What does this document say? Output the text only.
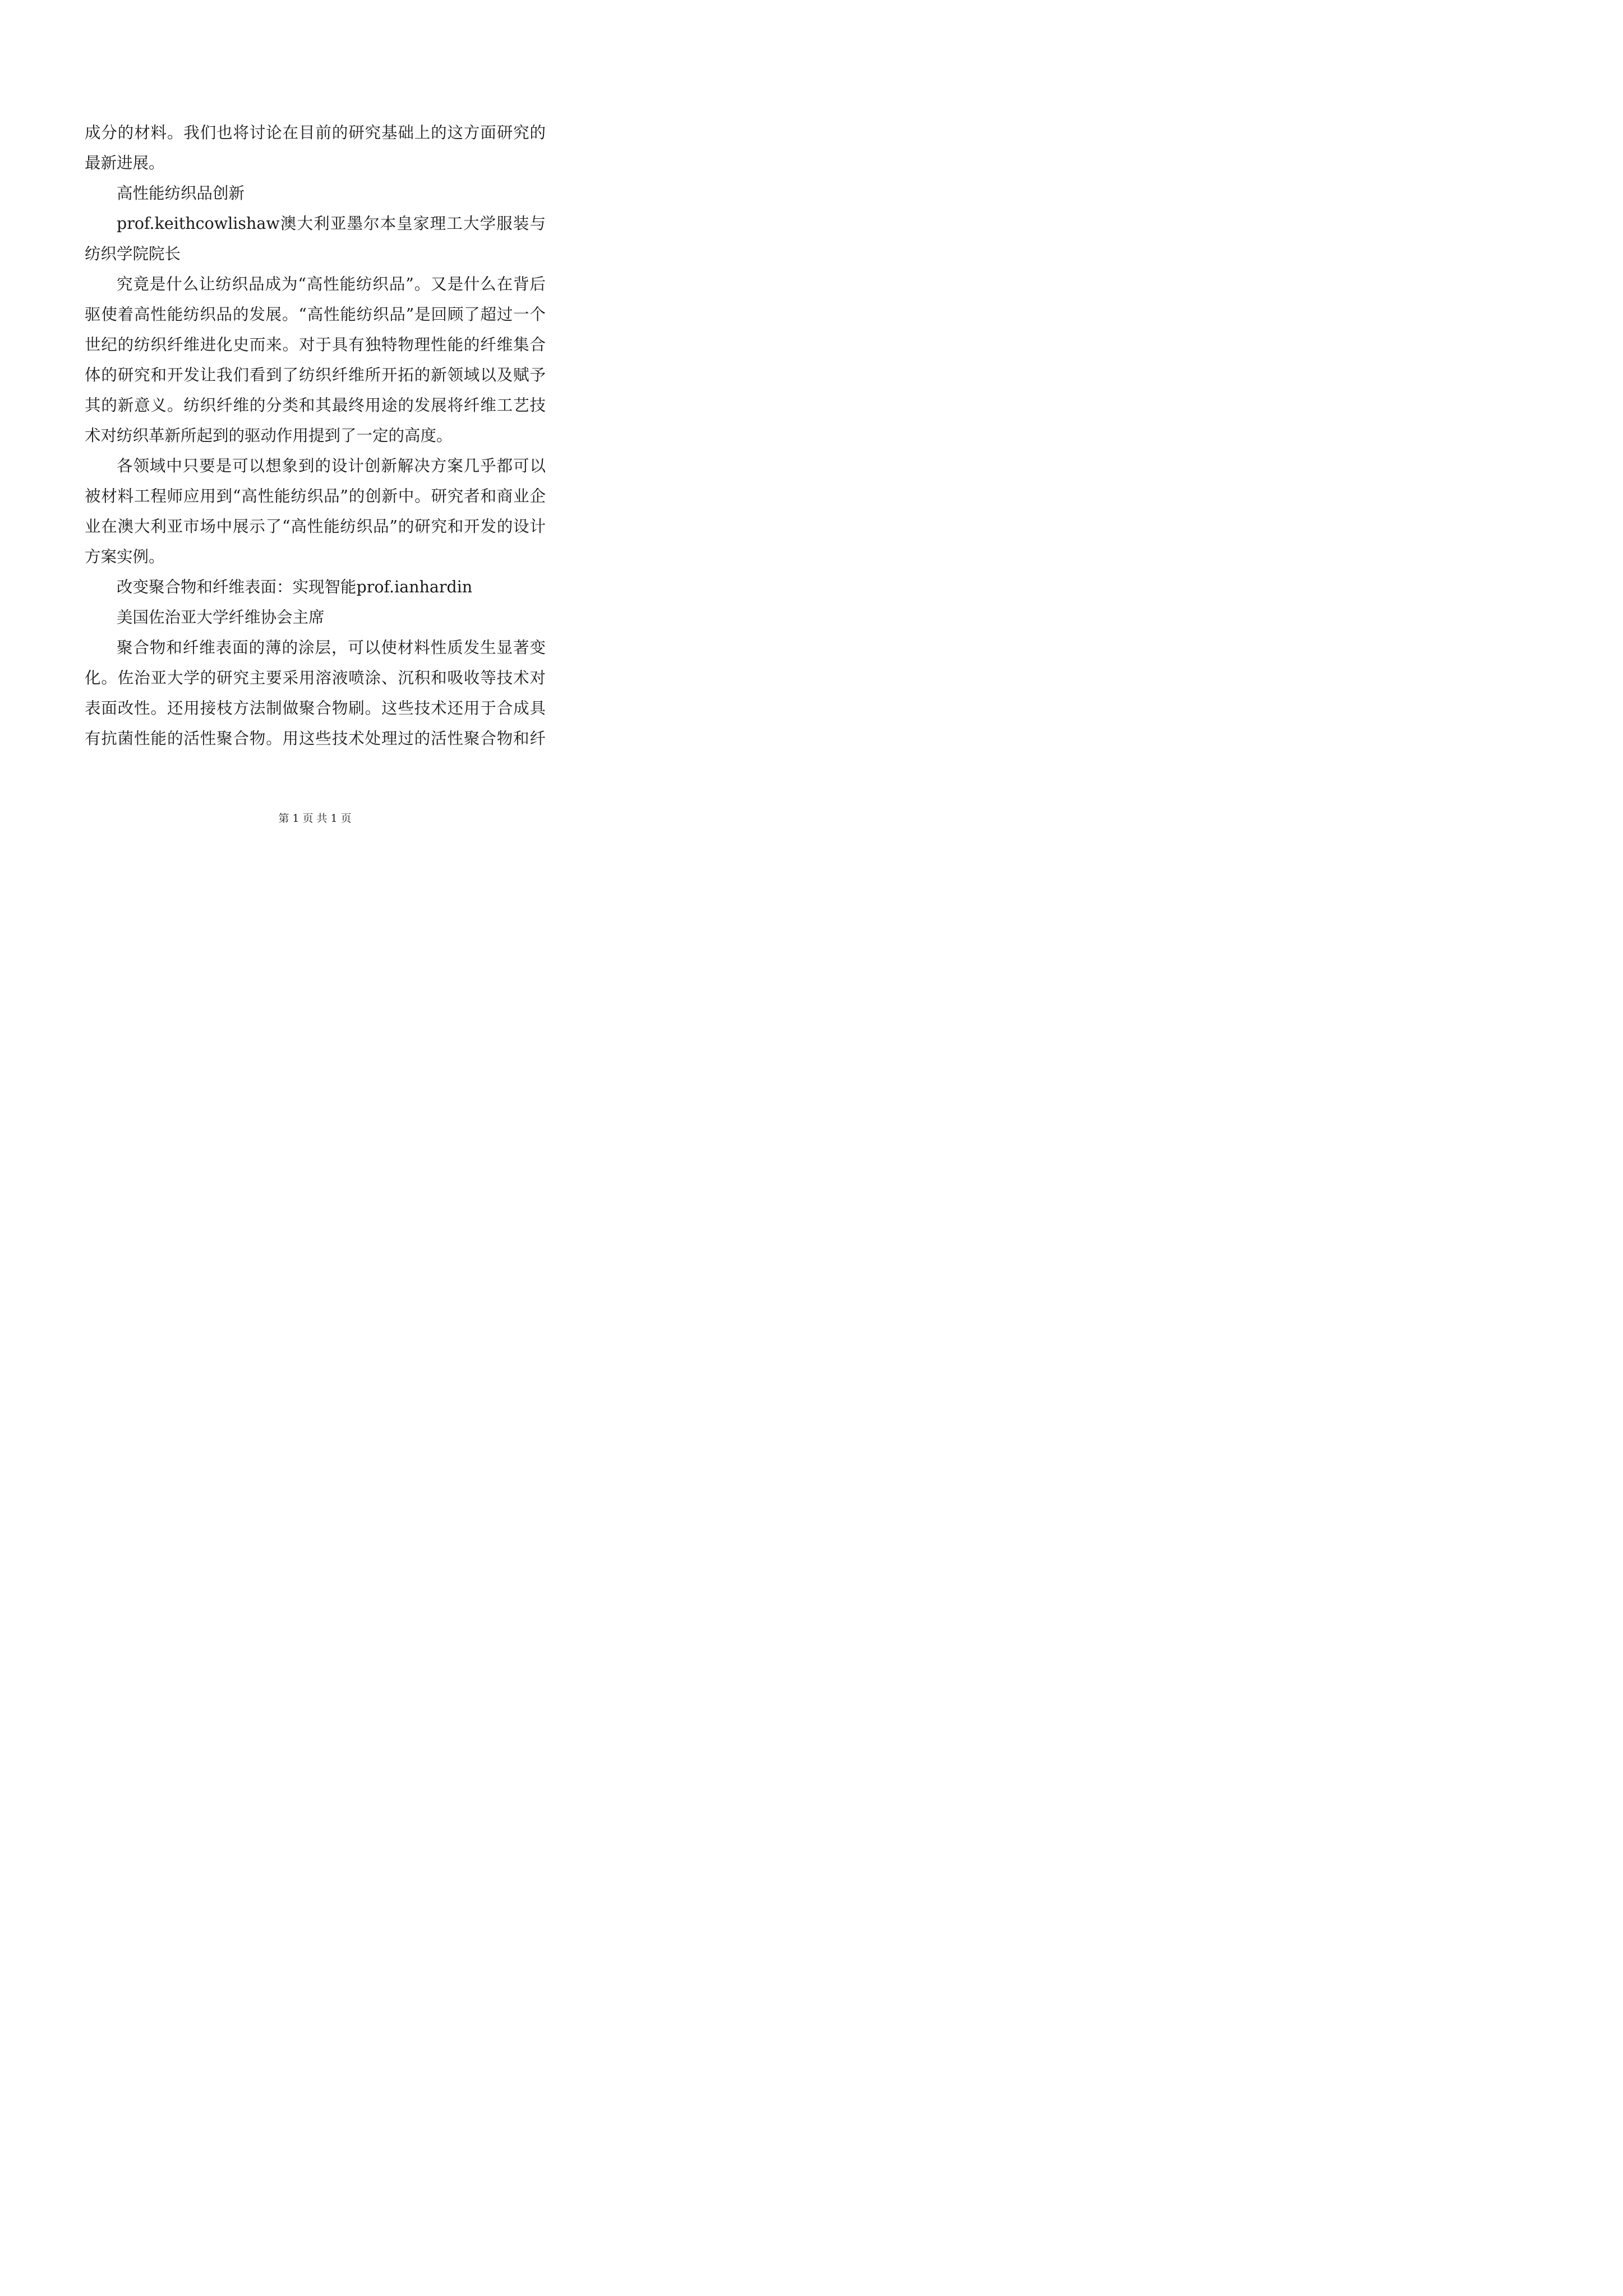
成分的材料。我们也将讨论在目前的研究基础上的这方面研究的最新进展。

高性能纺织品创新

prof.keithcowlishaw澳大利亚墨尔本皇家理工大学服装与纺织学院院长

究竟是什么让纺织品成为“高性能纺织品”。又是什么在背后驱使着高性能纺织品的发展。“高性能纺织品”是回顾了超过一个世纪的纺织纤维进化史而来。对于具有独特物理性能的纤维集合体的研究和开发让我们看到了纺织纤维所开拓的新领域以及赋予其的新意义。纺织纤维的分类和其最终用途的发展将纤维工艺技术对纺织革新所起到的驱动作用提到了一定的高度。

各领域中只要是可以想象到的设计创新解决方案几乎都可以被材料工程师应用到“高性能纺织品”的创新中。研究者和商业企业在澳大利亚市场中展示了“高性能纺织品”的研究和开发的设计方案实例。

改变聚合物和纤维表面：实现智能prof.ianhardin

美国佐治亚大学纤维协会主席

聚合物和纤维表面的薄的涂层，可以使材料性质发生显著变化。佐治亚大学的研究主要采用溶液喷涂、沉积和吸收等技术对表面改性。还用接枝方法制做聚合物刷。这些技术还用于合成具有抗菌性能的活性聚合物。用这些技术处理过的活性聚合物和纤

第 1 页 共 1 页
